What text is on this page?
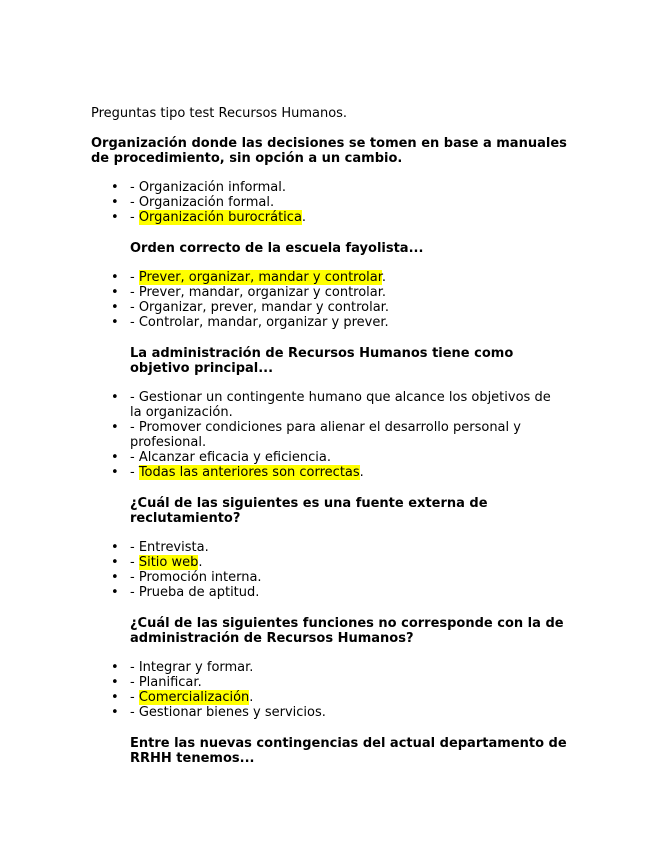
Preguntas tipo test Recursos Humanos.
Organización donde las decisiones se tomen en base a manuales de procedimiento, sin opción a un cambio.
• - Organización informal.
• - Organización formal.
• - Organización burocrática.
Orden correcto de la escuela fayolista...
• - Prever, organizar, mandar y controlar.
• - Prever, mandar, organizar y controlar.
• - Organizar, prever, mandar y controlar.
• - Controlar, mandar, organizar y prever.
La administración de Recursos Humanos tiene como objetivo principal...
• - Gestionar un contingente humano que alcance los objetivos de la organización.
• - Promover condiciones para alienar el desarrollo personal y profesional.
• - Alcanzar eficacia y eficiencia.
• - Todas las anteriores son correctas.
¿Cuál de las siguientes es una fuente externa de reclutamiento?
• - Entrevista.
• - Sitio web.
• - Promoción interna.
• - Prueba de aptitud.
¿Cuál de las siguientes funciones no corresponde con la de administración de Recursos Humanos?
• - Integrar y formar.
• - Planificar.
• - Comercialización.
• - Gestionar bienes y servicios.
Entre las nuevas contingencias del actual departamento de RRHH tenemos...
